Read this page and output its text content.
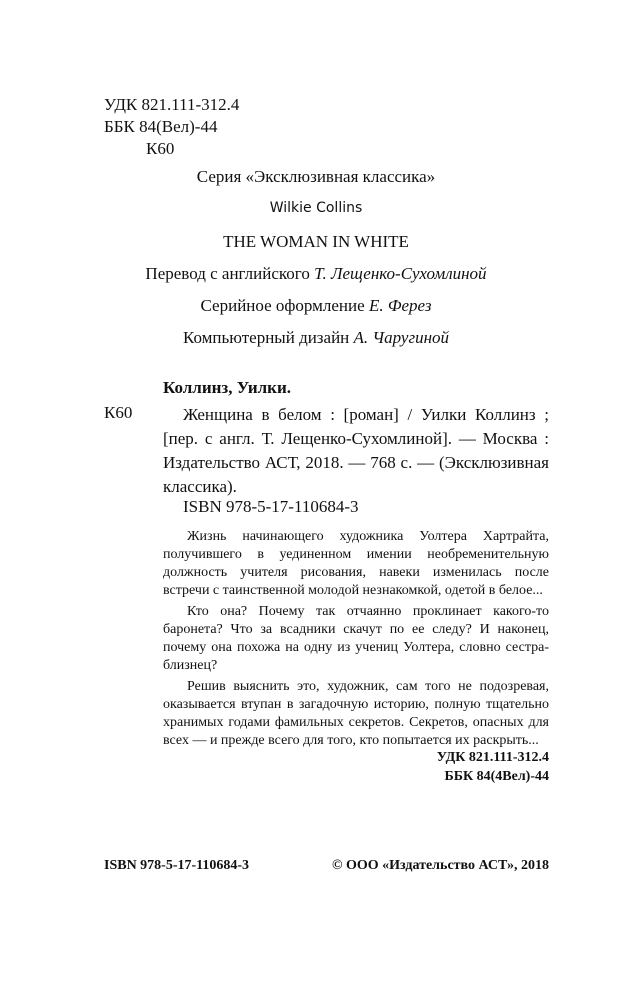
УДК 821.111-312.4
ББК 84(Вел)-44
К60
Серия «Эксклюзивная классика»
Wilkie Collins
THE WOMAN IN WHITE
Перевод с английского Т. Лещенко-Сухомлиной
Серийное оформление Е. Ферез
Компьютерный дизайн А. Чаругиной
Коллинз, Уилки.
К60	Женщина в белом : [роман] / Уилки Коллинз ; [пер. с англ. Т. Лещенко-Сухомлиной]. — Москва : Издательство АСТ, 2018. — 768 с. — (Эксклюзивная классика).
ISBN 978-5-17-110684-3

Жизнь начинающего художника Уолтера Хартрайта, получившего в уединенном имении необременительную должность учителя рисования, навеки изменилась после встречи с таинственной молодой незнакомкой, одетой в белое...

Кто она? Почему так отчаянно проклинает какого-то баронета? Что за всадники скачут по ее следу? И наконец, почему она похожа на одну из учениц Уолтера, словно сестра-близнец?

Решив выяснить это, художник, сам того не подозревая, оказывается втупан в загадочную историю, полную тщательно хранимых годами фамильных секретов. Секретов, опасных для всех — и прежде всего для того, кто попытается их раскрыть...

УДК 821.111-312.4
ББК 84(4Вел)-44
ISBN 978-5-17-110684-3	© ООО «Издательство АСТ», 2018
